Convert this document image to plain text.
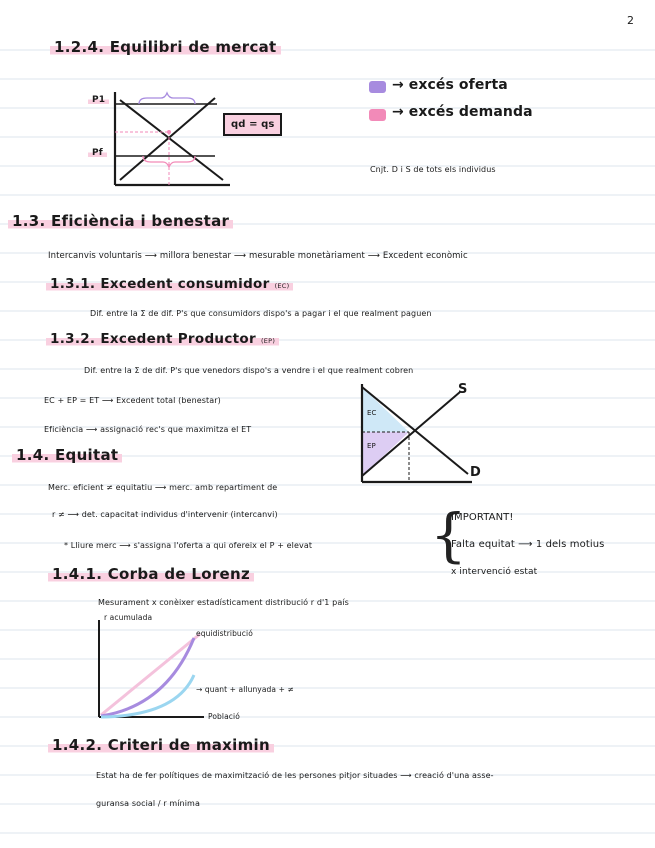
2
1.2.4. Equilibri de mercat
P1
Pf
qd = qs
→ excés oferta
→ excés demanda
Cnjt. D i S de tots els individus
1.3. Eficiència i benestar
Intercanvis voluntaris ⟶ millora benestar ⟶ mesurable monetàriament ⟶ Excedent econòmic
1.3.1. Excedent consumidor (EC)
Dif. entre la Σ de dif. P's que consumidors dispo's a pagar i el que realment paguen
1.3.2. Excedent Productor (EP)
Dif. entre la Σ de dif. P's que venedors dispo's a vendre i el que realment cobren
EC + EP = ET ⟶ Excedent total (benestar)
Eficiència ⟶ assignació rec's que maximitza el ET
EC
EP
S
D
1.4. Equitat
Merc. eficient ≠ equitatiu ⟶ merc. amb repartiment de
r ≠ ⟶ det. capacitat individus d'intervenir (intercanvi)
* Lliure merc ⟶ s'assigna l'oferta a qui ofereix el P + elevat {
IMPORTANT!
Falta equitat ⟶ 1 dels motius
x intervenció estat
1.4.1. Corba de Lorenz
Mesurament x conèixer estadísticament distribució r d'1 país
r acumulada
equidistribució
→ quant + allunyada + ≠
Població
1.4.2. Criteri de maximin
Estat ha de fer polítiques de maximització de les persones pitjor situades ⟶ creació d'una asse-
guransa social / r mínima
